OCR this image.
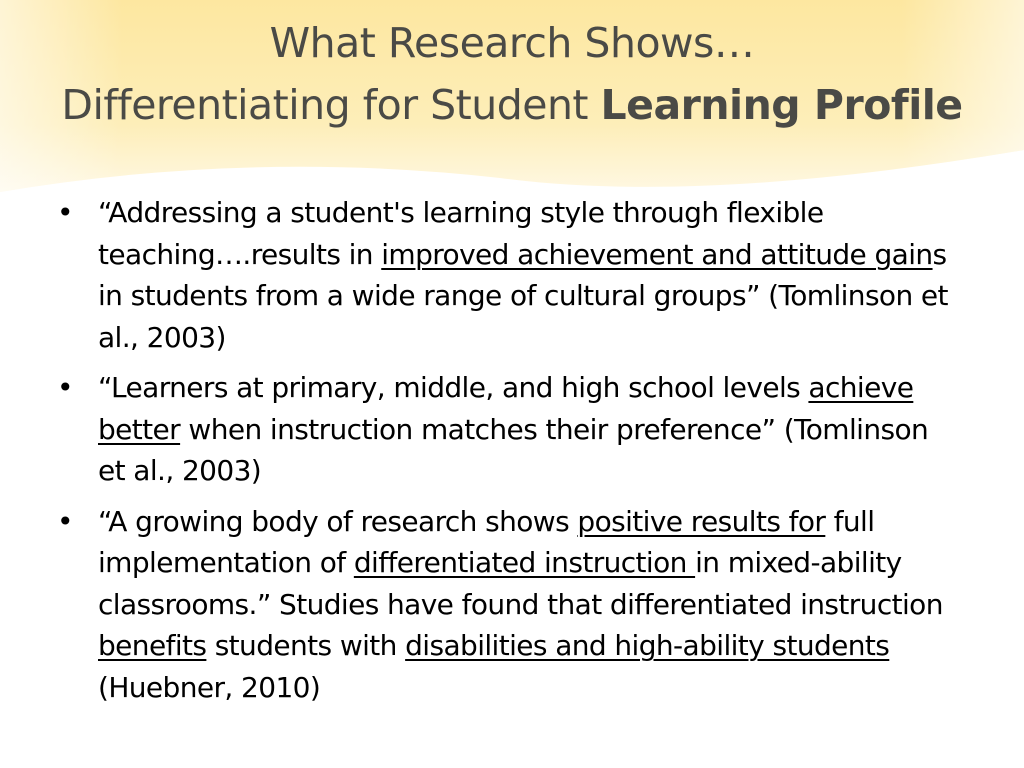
What Research Shows…
Differentiating for Student Learning Profile
• “Addressing a student's learning style through flexible teaching….results in improved achievement and attitude gains in students from a wide range of cultural groups” (Tomlinson et al., 2003)
• “Learners at primary, middle, and high school levels achieve better when instruction matches their preference” (Tomlinson et al., 2003)
• “A growing body of research shows positive results for full implementation of differentiated instruction in mixed-ability classrooms.” Studies have found that differentiated instruction benefits students with disabilities and high-ability students (Huebner, 2010)
